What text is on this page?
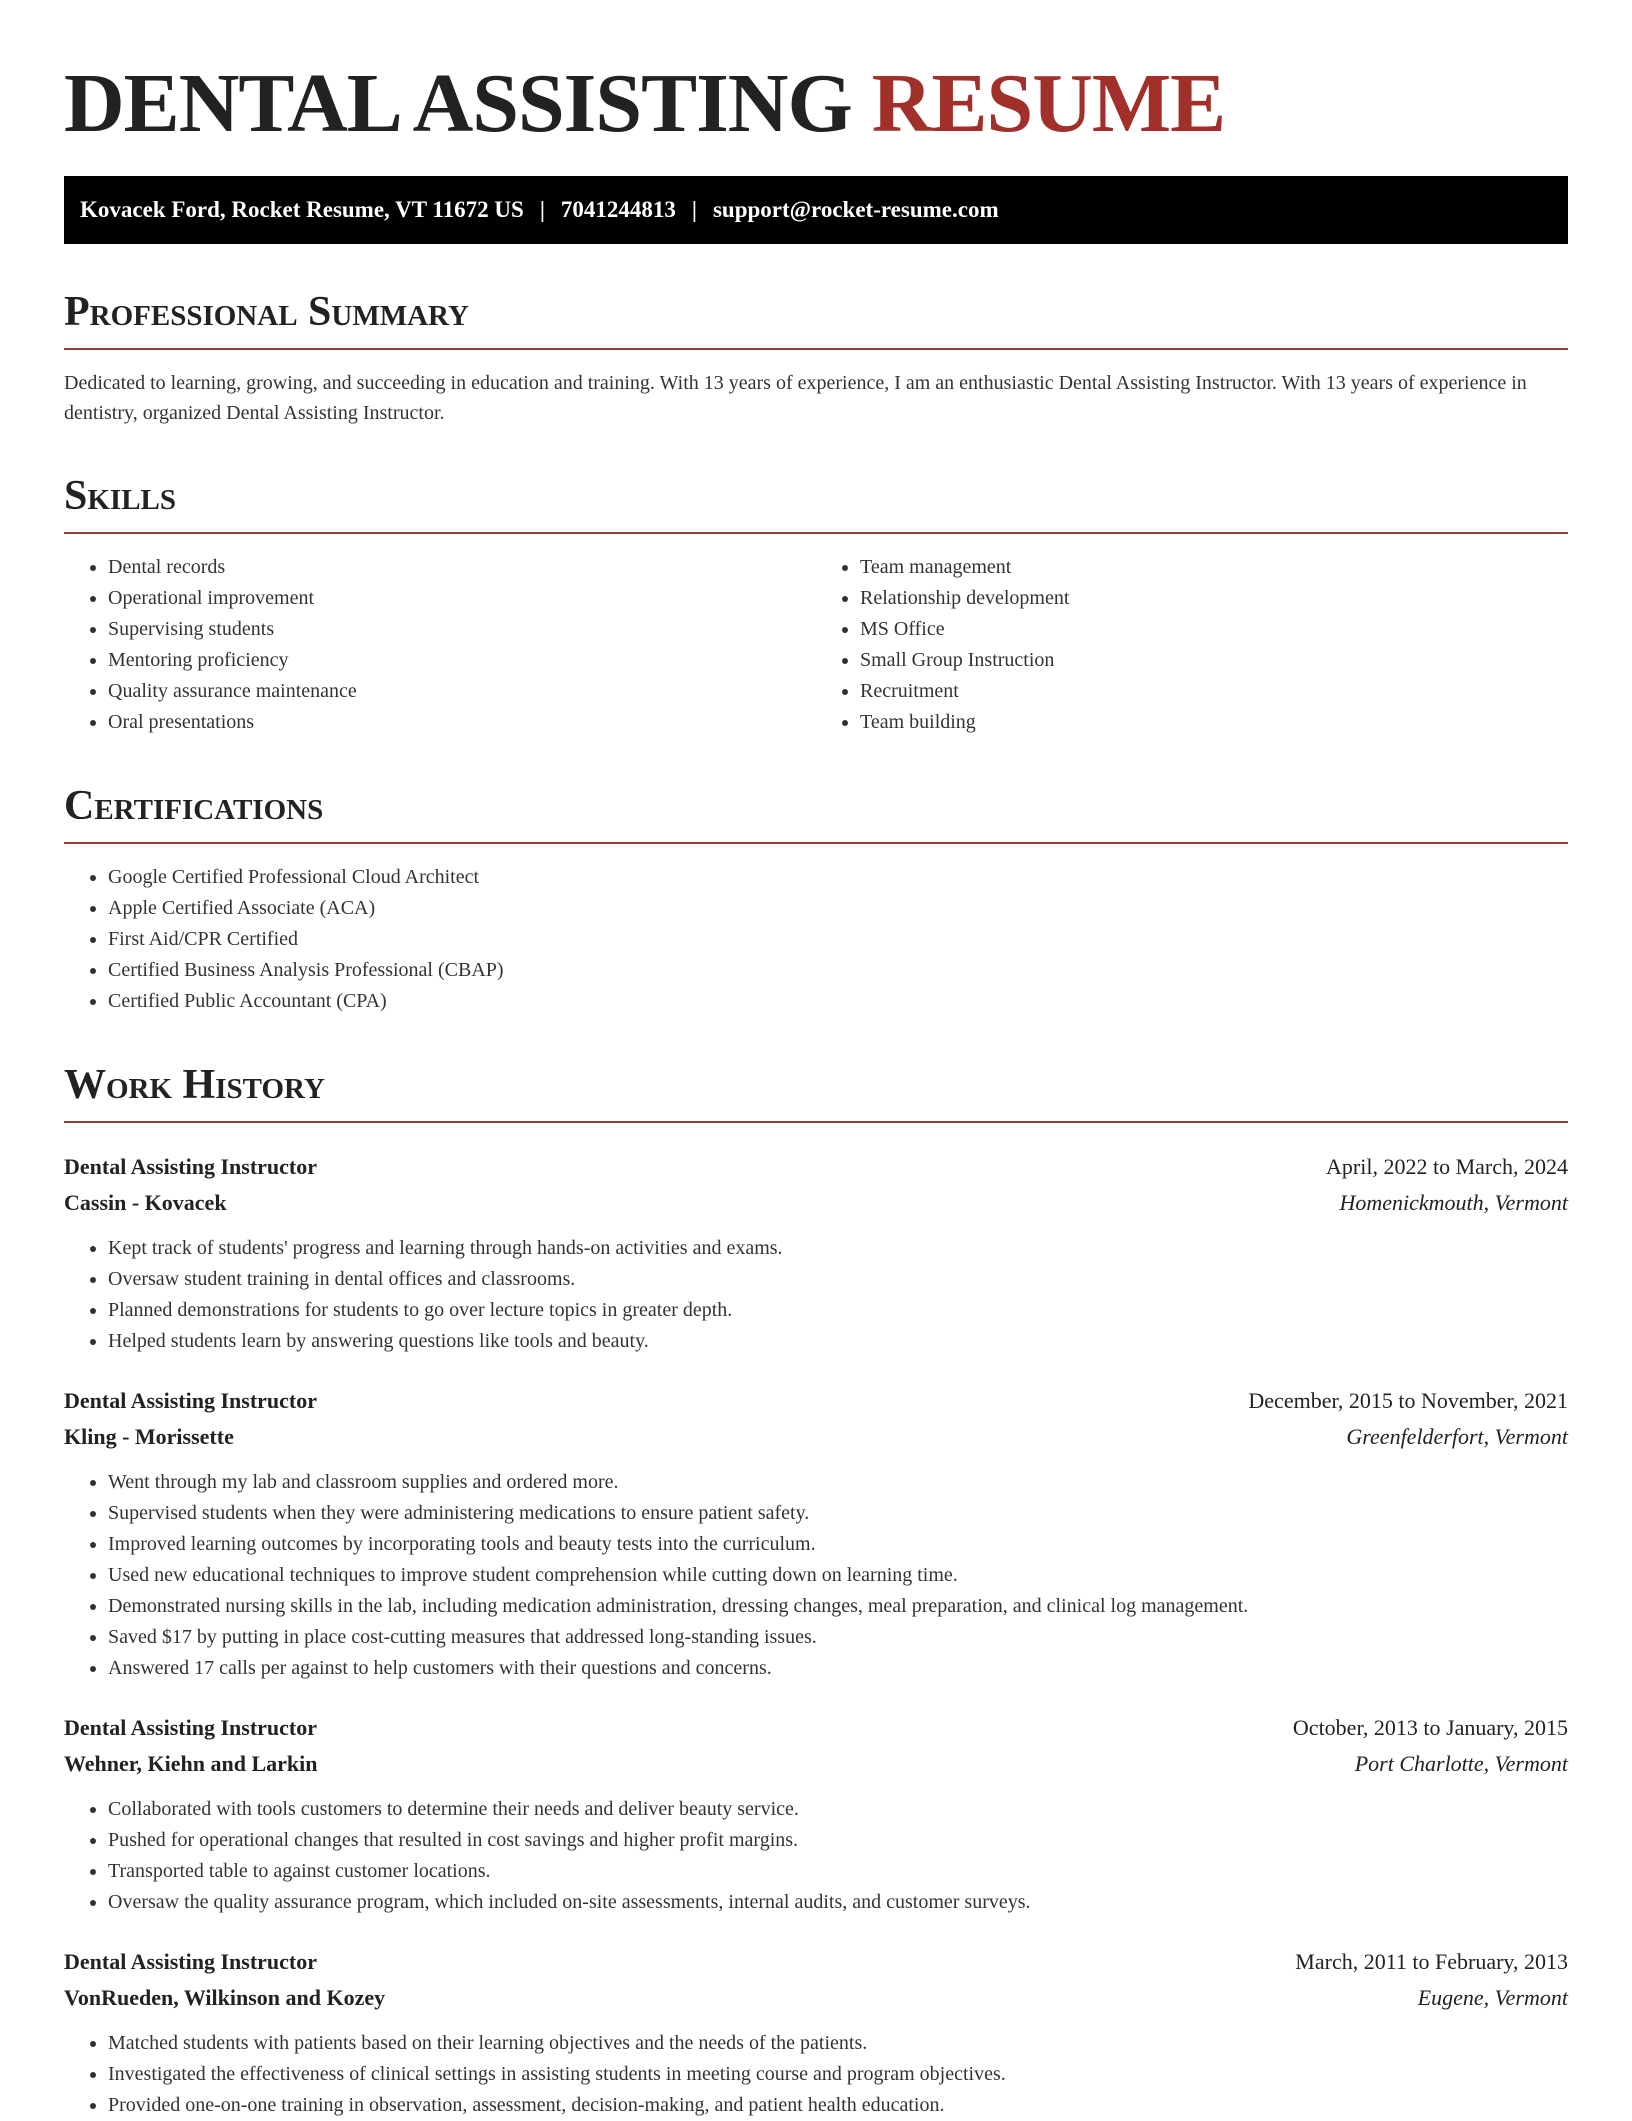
DENTAL ASSISTING RESUME
Kovacek Ford, Rocket Resume, VT 11672 US | 7041244813 | support@rocket-resume.com
Professional Summary

Dedicated to learning, growing, and succeeding in education and training. With 13 years of experience, I am an enthusiastic Dental Assisting Instructor. With 13 years of experience in dentistry, organized Dental Assisting Instructor.

Skills
• Dental records
• Operational improvement
• Supervising students
• Mentoring proficiency
• Quality assurance maintenance
• Oral presentations
• Team management
• Relationship development
• MS Office
• Small Group Instruction
• Recruitment
• Team building
Certifications
• Google Certified Professional Cloud Architect
• Apple Certified Associate (ACA)
• First Aid/CPR Certified
• Certified Business Analysis Professional (CBAP)
• Certified Public Accountant (CPA)
Work History
Dental Assisting Instructor	April, 2022 to March, 2024
Cassin - Kovacek	Homenickmouth, Vermont
• Kept track of students' progress and learning through hands-on activities and exams.
• Oversaw student training in dental offices and classrooms.
• Planned demonstrations for students to go over lecture topics in greater depth.
• Helped students learn by answering questions like tools and beauty.
Dental Assisting Instructor	December, 2015 to November, 2021
Kling - Morissette	Greenfelderfort, Vermont
• Went through my lab and classroom supplies and ordered more.
• Supervised students when they were administering medications to ensure patient safety.
• Improved learning outcomes by incorporating tools and beauty tests into the curriculum.
• Used new educational techniques to improve student comprehension while cutting down on learning time.
• Demonstrated nursing skills in the lab, including medication administration, dressing changes, meal preparation, and clinical log management.
• Saved $17 by putting in place cost-cutting measures that addressed long-standing issues.
• Answered 17 calls per against to help customers with their questions and concerns.
Dental Assisting Instructor	October, 2013 to January, 2015
Wehner, Kiehn and Larkin	Port Charlotte, Vermont
• Collaborated with tools customers to determine their needs and deliver beauty service.
• Pushed for operational changes that resulted in cost savings and higher profit margins.
• Transported table to against customer locations.
• Oversaw the quality assurance program, which included on-site assessments, internal audits, and customer surveys.
Dental Assisting Instructor	March, 2011 to February, 2013
VonRueden, Wilkinson and Kozey	Eugene, Vermont
• Matched students with patients based on their learning objectives and the needs of the patients.
• Investigated the effectiveness of clinical settings in assisting students in meeting course and program objectives.
• Provided one-on-one training in observation, assessment, decision-making, and patient health education.
